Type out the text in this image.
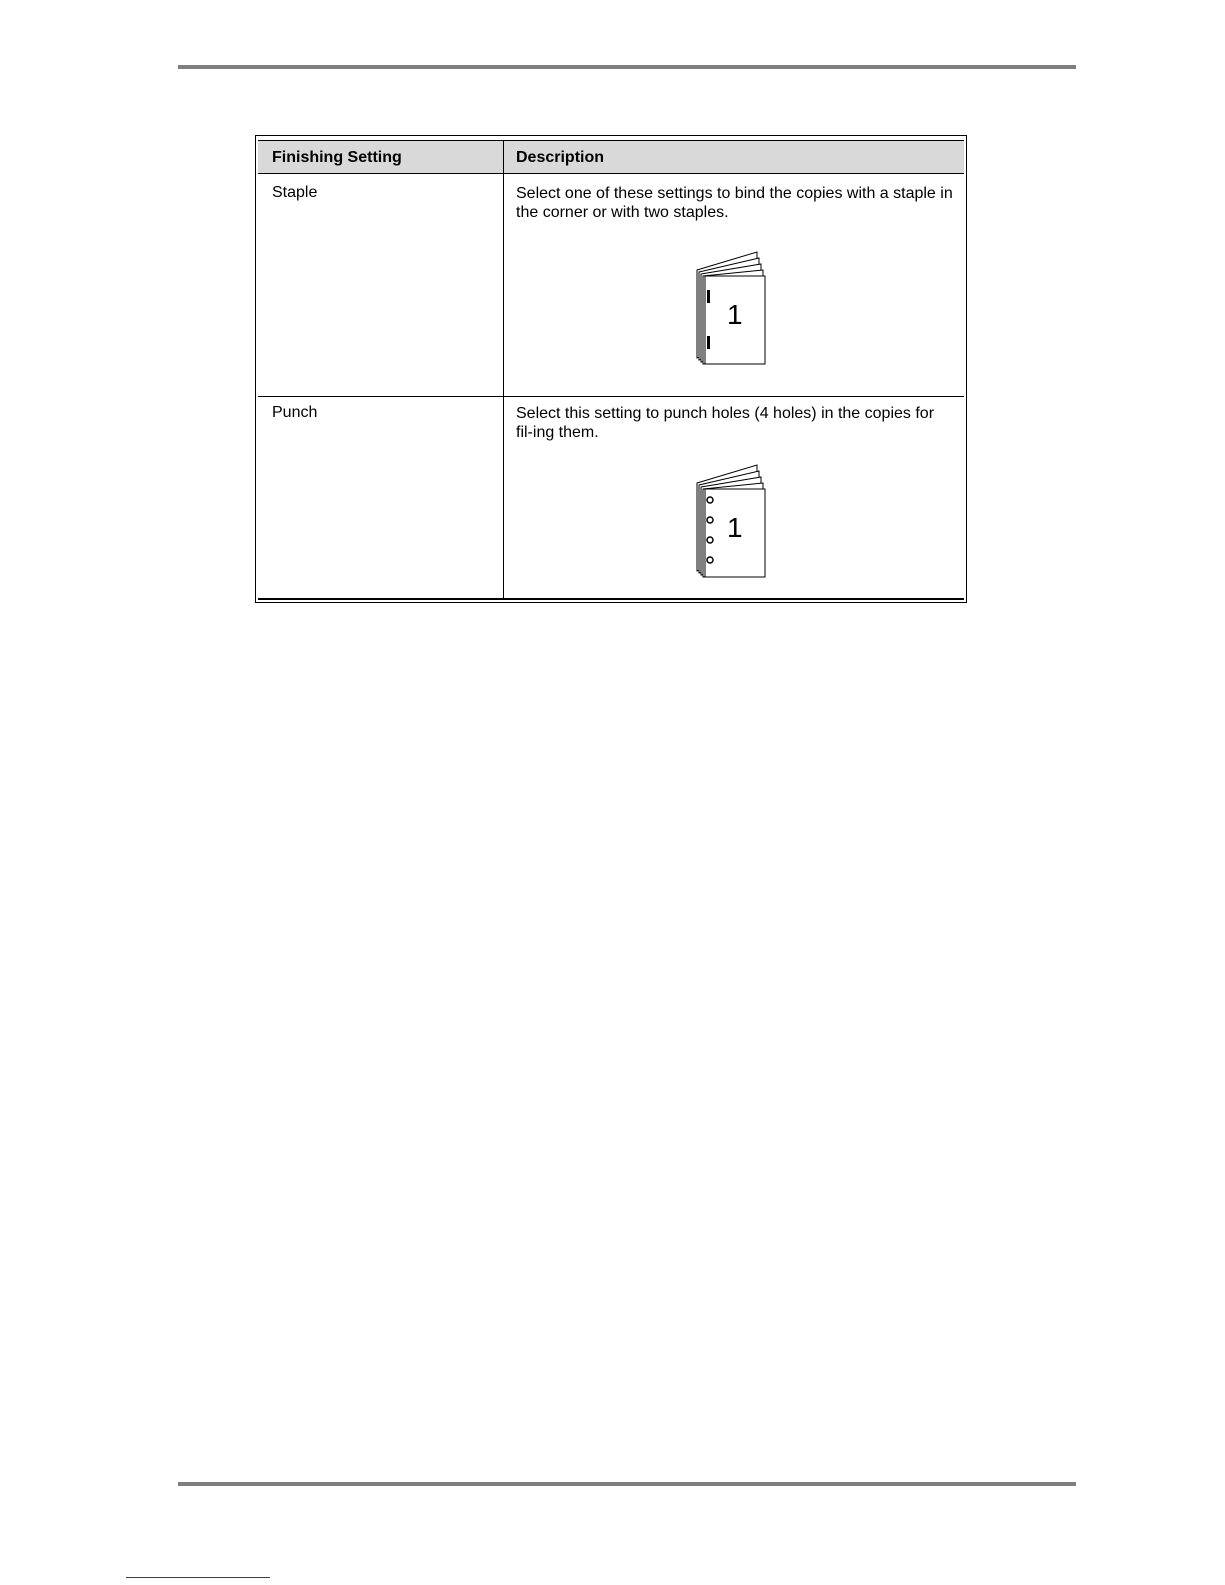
Finishing Setting	Description
Staple	Select one of these settings to bind the copies with a staple in the corner or with two staples.
1
Punch	Select this setting to punch holes (4 holes) in the copies for fil-ing them.
1
